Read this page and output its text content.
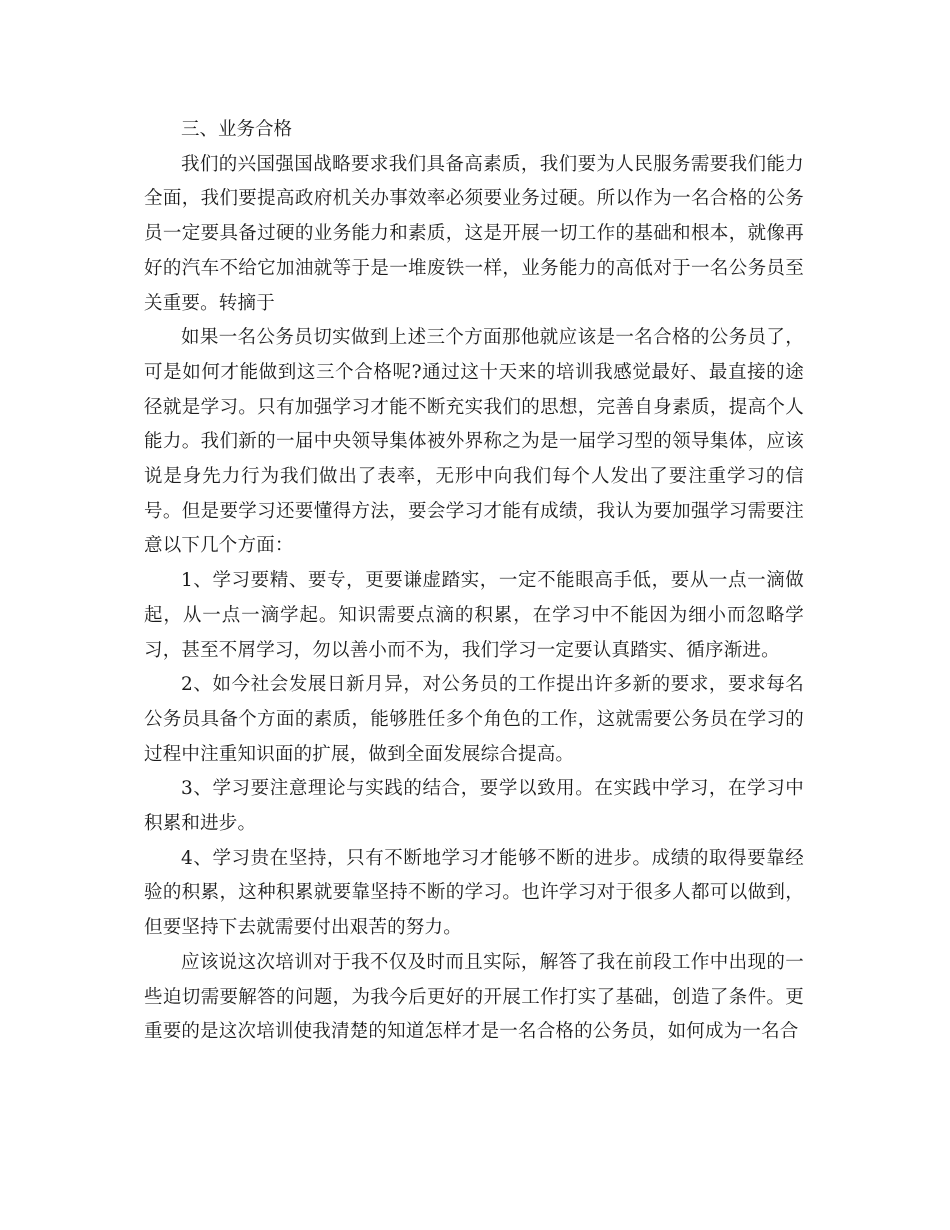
三、业务合格

我们的兴国强国战略要求我们具备高素质，我们要为人民服务需要我们能力全面，我们要提高政府机关办事效率必须要业务过硬。所以作为一名合格的公务员一定要具备过硬的业务能力和素质，这是开展一切工作的基础和根本，就像再好的汽车不给它加油就等于是一堆废铁一样，业务能力的高低对于一名公务员至关重要。转摘于

如果一名公务员切实做到上述三个方面那他就应该是一名合格的公务员了，可是如何才能做到这三个合格呢?通过这十天来的培训我感觉最好、最直接的途径就是学习。只有加强学习才能不断充实我们的思想，完善自身素质，提高个人能力。我们新的一届中央领导集体被外界称之为是一届学习型的领导集体，应该说是身先力行为我们做出了表率，无形中向我们每个人发出了要注重学习的信号。但是要学习还要懂得方法，要会学习才能有成绩，我认为要加强学习需要注意以下几个方面：

1、学习要精、要专，更要谦虚踏实，一定不能眼高手低，要从一点一滴做起，从一点一滴学起。知识需要点滴的积累，在学习中不能因为细小而忽略学习，甚至不屑学习，勿以善小而不为，我们学习一定要认真踏实、循序渐进。

2、如今社会发展日新月异，对公务员的工作提出许多新的要求，要求每名公务员具备个方面的素质，能够胜任多个角色的工作，这就需要公务员在学习的过程中注重知识面的扩展，做到全面发展综合提高。

3、学习要注意理论与实践的结合，要学以致用。在实践中学习，在学习中积累和进步。

4、学习贵在坚持，只有不断地学习才能够不断的进步。成绩的取得要靠经验的积累，这种积累就要靠坚持不断的学习。也许学习对于很多人都可以做到，但要坚持下去就需要付出艰苦的努力。

应该说这次培训对于我不仅及时而且实际，解答了我在前段工作中出现的一些迫切需要解答的问题，为我今后更好的开展工作打实了基础，创造了条件。更重要的是这次培训使我清楚的知道怎样才是一名合格的公务员，如何成为一名合
